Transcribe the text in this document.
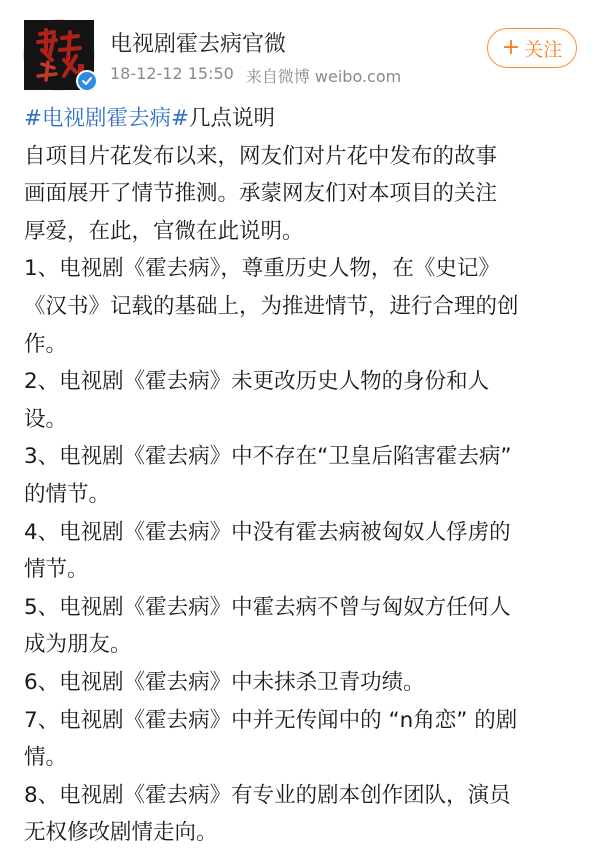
电视剧霍去病官微
18-12-12 15:50 来自微博 weibo.com
+ 关注

#电视剧霍去病#几点说明

自项目片花发布以来，网友们对片花中发布的故事

画面展开了情节推测。承蒙网友们对本项目的关注

厚爱，在此，官微在此说明。

1、电视剧《霍去病》，尊重历史人物，在《史记》

《汉书》记载的基础上，为推进情节，进行合理的创

作。

2、电视剧《霍去病》未更改历史人物的身份和人

设。

3、电视剧《霍去病》中不存在“卫皇后陷害霍去病”

的情节。

4、电视剧《霍去病》中没有霍去病被匈奴人俘虏的

情节。

5、电视剧《霍去病》中霍去病不曾与匈奴方任何人

成为朋友。

6、电视剧《霍去病》中未抹杀卫青功绩。

7、电视剧《霍去病》中并无传闻中的 “n角恋” 的剧

情。

8、电视剧《霍去病》有专业的剧本创作团队，演员

无权修改剧情走向。
